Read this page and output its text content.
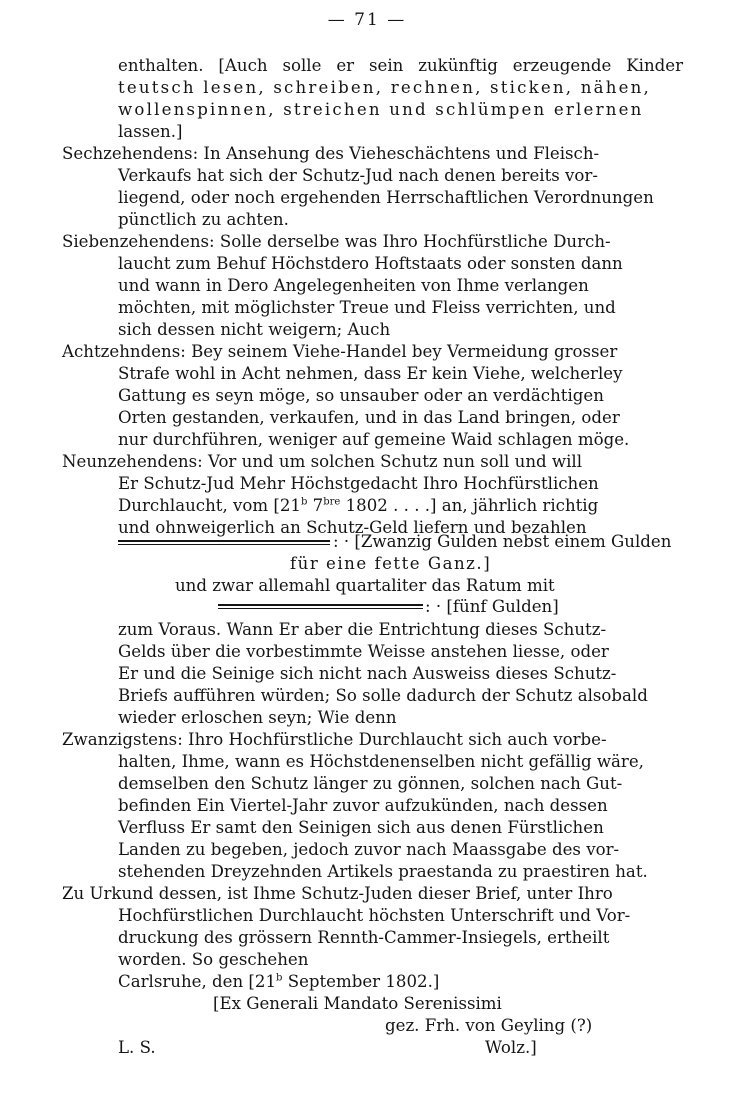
— 71 —
enthalten. [Auch solle er sein zukünftig erzeugende Kinder
teutsch lesen, schreiben, rechnen, sticken, nähen,
wollenspinnen, streichen und schlümpen erlernen
lassen.]
Sechzehendens: In Ansehung des Vieheschächtens und Fleisch-
Verkaufs hat sich der Schutz-Jud nach denen bereits vor-
liegend, oder noch ergehenden Herrschaftlichen Verordnungen
pünctlich zu achten.
Siebenzehendens: Solle derselbe was Ihro Hochfürstliche Durch-
laucht zum Behuf Höchstdero Hoftstaats oder sonsten dann
und wann in Dero Angelegenheiten von Ihme verlangen
möchten, mit möglichster Treue und Fleiss verrichten, und
sich dessen nicht weigern; Auch
Achtzehndens: Bey seinem Viehe-Handel bey Vermeidung grosser
Strafe wohl in Acht nehmen, dass Er kein Viehe, welcherley
Gattung es seyn möge, so unsauber oder an verdächtigen
Orten gestanden, verkaufen, und in das Land bringen, oder
nur durchführen, weniger auf gemeine Waid schlagen möge.
Neunzehendens: Vor und um solchen Schutz nun soll und will
Er Schutz-Jud Mehr Höchstgedacht Ihro Hochfürstlichen
Durchlaucht, vom [21$^b$ $7^{bre}$ 1802 . . . .] an, jährlich richtig
und ohnweigerlich an Schutz-Geld liefern und bezahlen
: · [Zwanzig Gulden nebst einem Gulden
für eine fette Ganz.]
und zwar allemahl quartaliter das Ratum mit
: · [fünf Gulden]
zum Voraus. Wann Er aber die Entrichtung dieses Schutz-
Gelds über die vorbestimmte Weisse anstehen liesse, oder
Er und die Seinige sich nicht nach Ausweiss dieses Schutz-
Briefs aufführen würden; So solle dadurch der Schutz alsobald
wieder erloschen seyn; Wie denn
Zwanzigstens: Ihro Hochfürstliche Durchlaucht sich auch vorbe-
halten, Ihme, wann es Höchstdenenselben nicht gefällig wäre,
demselben den Schutz länger zu gönnen, solchen nach Gut-
befinden Ein Viertel-Jahr zuvor aufzukünden, nach dessen
Verfluss Er samt den Seinigen sich aus denen Fürstlichen
Landen zu begeben, jedoch zuvor nach Maassgabe des vor-
stehenden Dreyzehnden Artikels praestanda zu praestiren hat.
Zu Urkund dessen, ist Ihme Schutz-Juden dieser Brief, unter Ihro
Hochfürstlichen Durchlaucht höchsten Unterschrift und Vor-
druckung des grössern Rennth-Cammer-Insiegels, ertheilt
worden. So geschehen
Carlsruhe, den [21$^b$ September 1802.]
[Ex Generali Mandato Serenissimi
gez. Frh. von Geyling (?)
L. S.	Wolz.]
